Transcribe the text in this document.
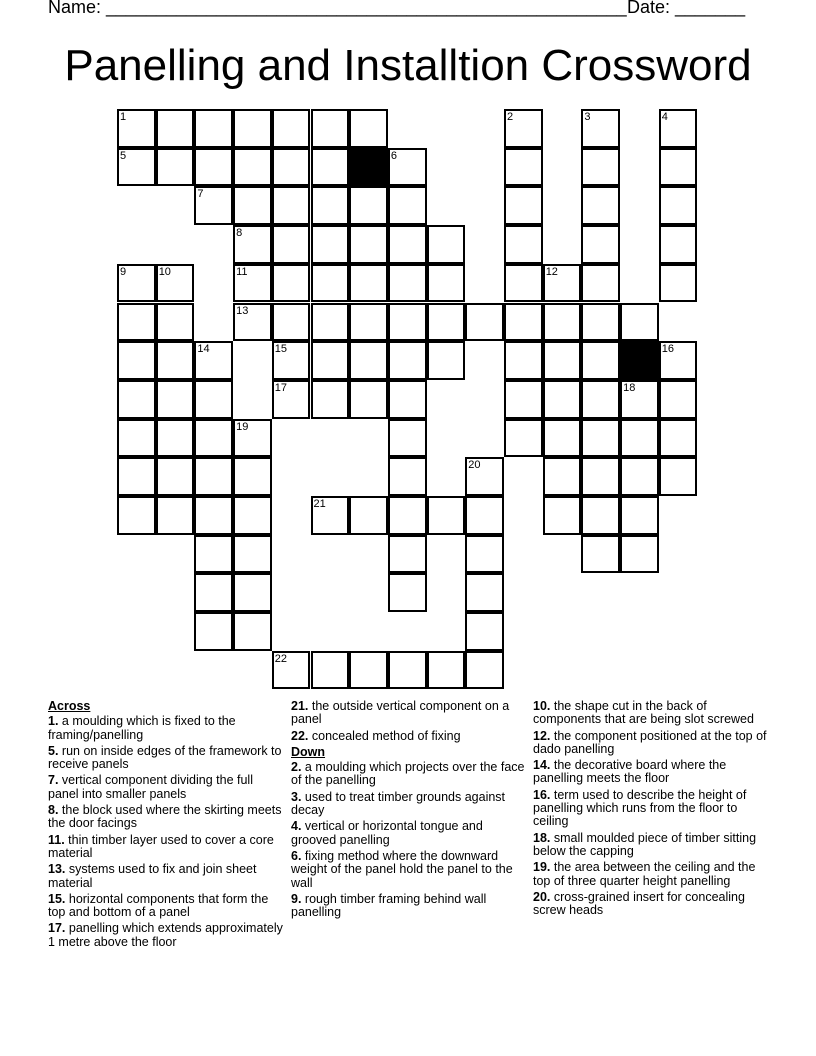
Name: ____________________________________________________ Date: _______
Panelling and Installtion Crossword
1	2	3	4
5	6
7
8
9	10	11	12
13
14	15	16
17	18
19
20
21
22
Across
1. a moulding which is fixed to the framing/panelling
5. run on inside edges of the framework to receive panels
7. vertical component dividing the full panel into smaller panels
8. the block used where the skirting meets the door facings
11. thin timber layer used to cover a core material
13. systems used to fix and join sheet material
15. horizontal components that form the top and bottom of a panel
17. panelling which extends approximately 1 metre above the floor
21. the outside vertical component on a panel
22. concealed method of fixing
Down
2. a moulding which projects over the face of the panelling
3. used to treat timber grounds against decay
4. vertical or horizontal tongue and grooved panelling
6. fixing method where the downward weight of the panel hold the panel to the wall
9. rough timber framing behind wall panelling
10. the shape cut in the back of components that are being slot screwed
12. the component positioned at the top of dado panelling
14. the decorative board where the panelling meets the floor
16. term used to describe the height of panelling which runs from the floor to ceiling
18. small moulded piece of timber sitting below the capping
19. the area between the ceiling and the top of three quarter height panelling
20. cross-grained insert for concealing screw heads
